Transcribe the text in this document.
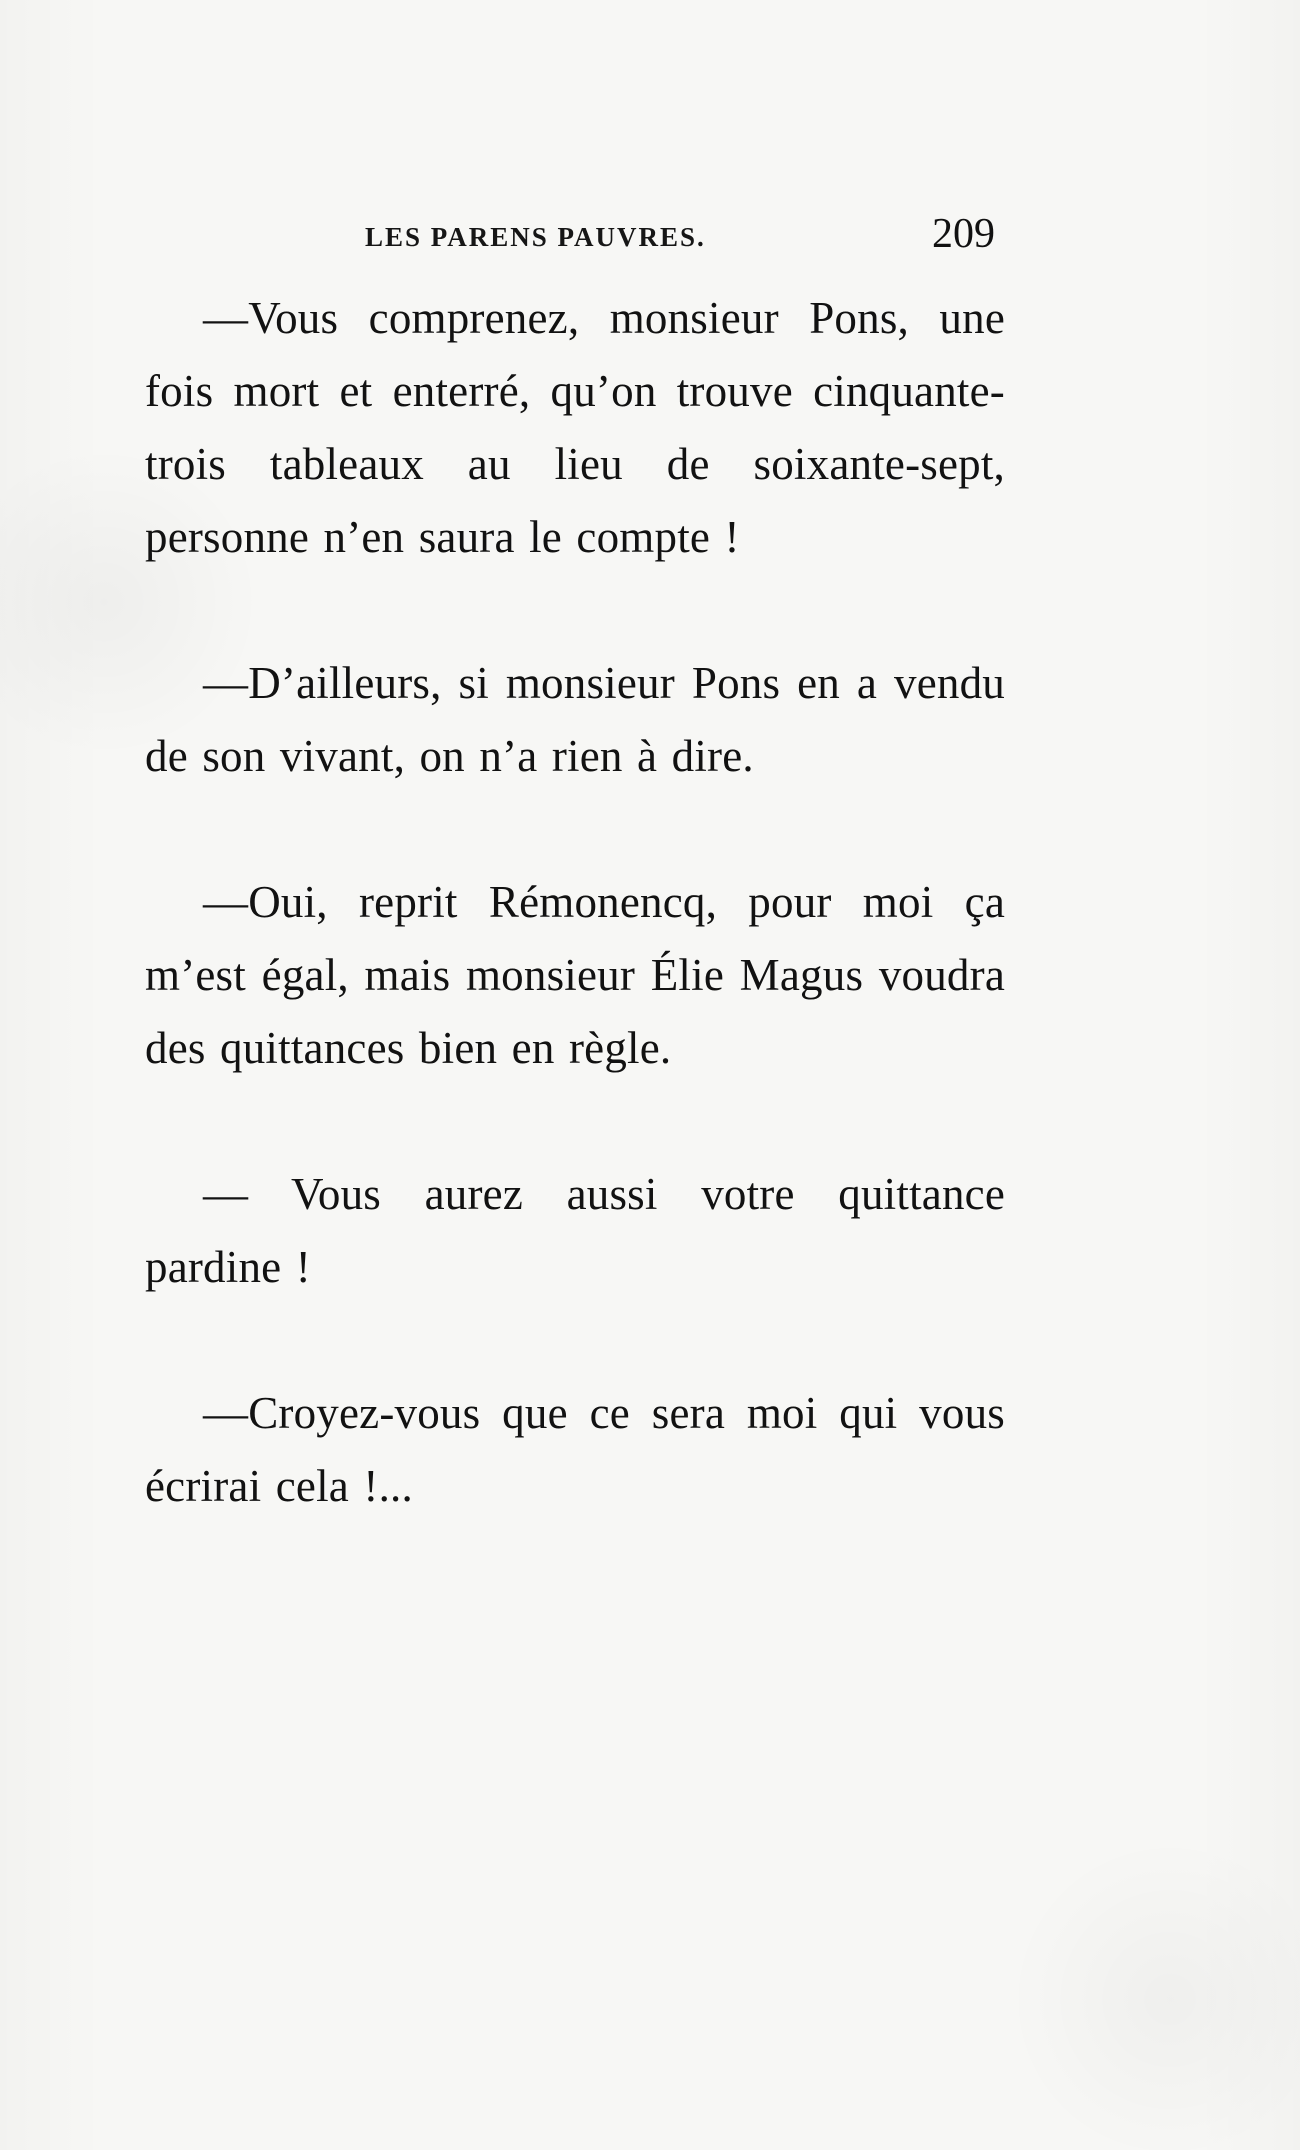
LES PARENS PAUVRES.	209

—Vous comprenez, monsieur Pons, une fois mort et enterré, qu’on trouve cinquante-trois tableaux au lieu de soixante-sept, personne n’en saura le compte !

—D’ailleurs, si monsieur Pons en a vendu de son vivant, on n’a rien à dire.

—Oui, reprit Rémonencq, pour moi ça m’est égal, mais monsieur Élie Magus voudra des quittances bien en règle.

— Vous aurez aussi votre quittance pardine !

—Croyez-vous que ce sera moi qui vous écrirai cela !...
